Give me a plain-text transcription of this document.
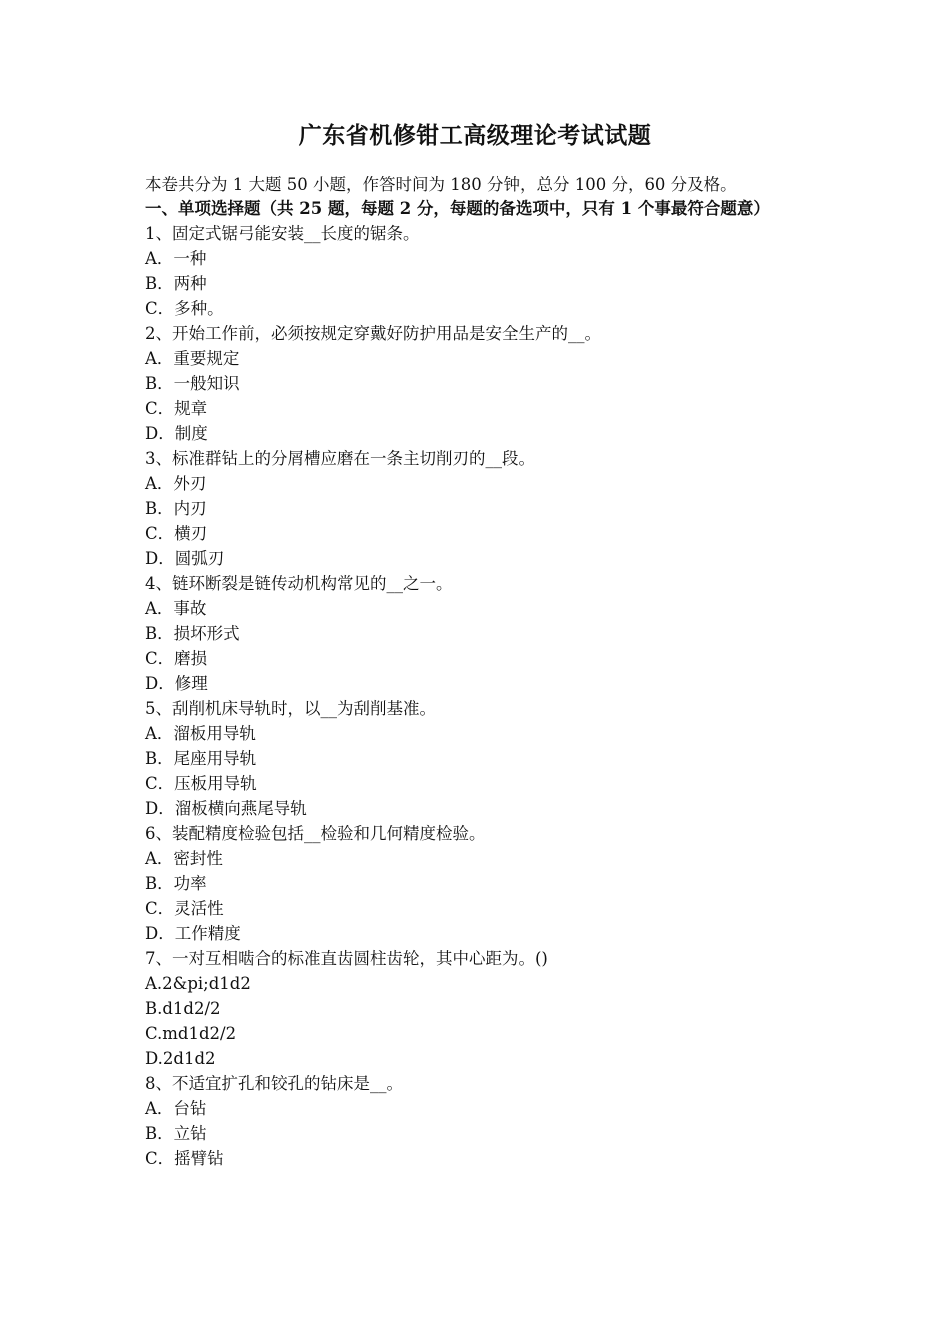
广东省机修钳工高级理论考试试题
本卷共分为 1 大题 50 小题，作答时间为 180 分钟，总分 100 分，60 分及格。
一、单项选择题（共 25 题，每题 2 分，每题的备选项中，只有 1 个事最符合题意）
1、固定式锯弓能安装__长度的锯条。
A．一种
B．两种
C．多种。
2、开始工作前，必须按规定穿戴好防护用品是安全生产的__。
A．重要规定
B．一般知识
C．规章
D．制度
3、标准群钻上的分屑槽应磨在一条主切削刃的__段。
A．外刃
B．内刃
C．横刃
D．圆弧刃
4、链环断裂是链传动机构常见的__之一。
A．事故
B．损坏形式
C．磨损
D．修理
5、刮削机床导轨时，以__为刮削基准。
A．溜板用导轨
B．尾座用导轨
C．压板用导轨
D．溜板横向燕尾导轨
6、装配精度检验包括__检验和几何精度检验。
A．密封性
B．功率
C．灵活性
D．工作精度
7、一对互相啮合的标准直齿圆柱齿轮，其中心距为。()
A.2&pi;d1d2
B.d1d2/2
C.md1d2/2
D.2d1d2
8、不适宜扩孔和铰孔的钻床是__。
A．台钻
B．立钻
C．摇臂钻
